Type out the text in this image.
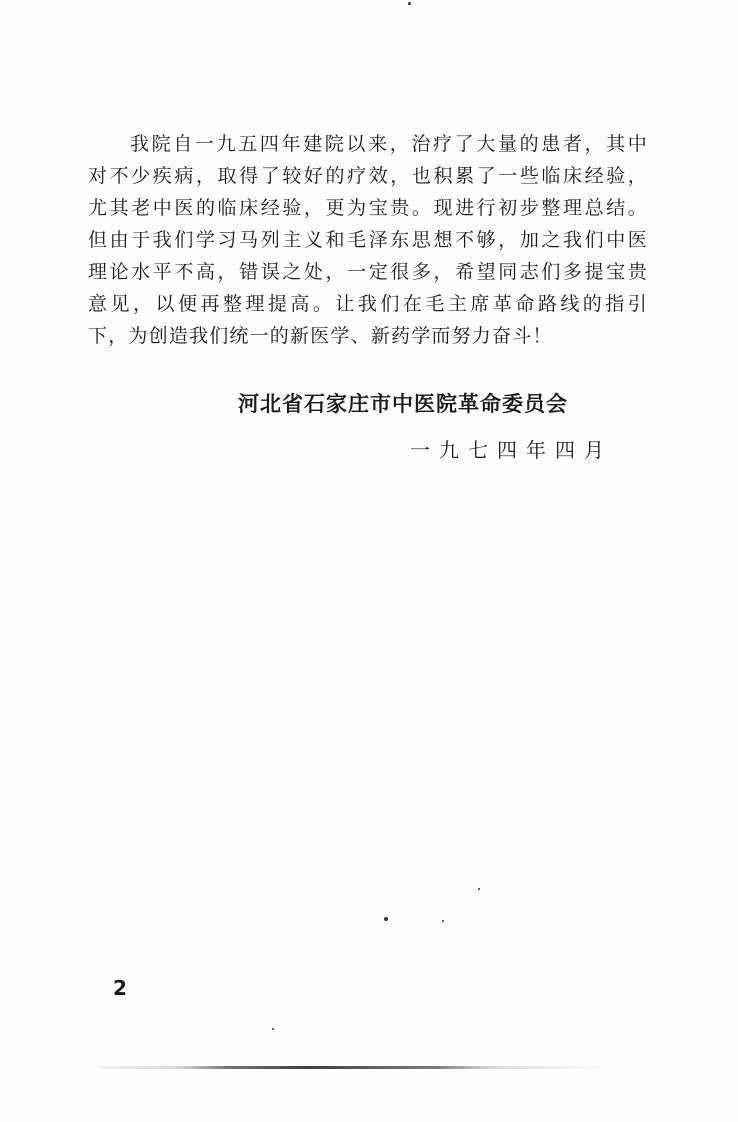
我院自一九五四年建院以来，治疗了大量的患者，其中
对不少疾病，取得了较好的疗效，也积累了一些临床经验，
尤其老中医的临床经验，更为宝贵。现进行初步整理总结。
但由于我们学习马列主义和毛泽东思想不够，加之我们中医
理论水平不高，错误之处，一定很多，希望同志们多提宝贵
意见，以便再整理提高。让我们在毛主席革命路线的指引
下，为创造我们统一的新医学、新药学而努力奋斗！
河北省石家庄市中医院革命委员会
一九七四年四月
2
